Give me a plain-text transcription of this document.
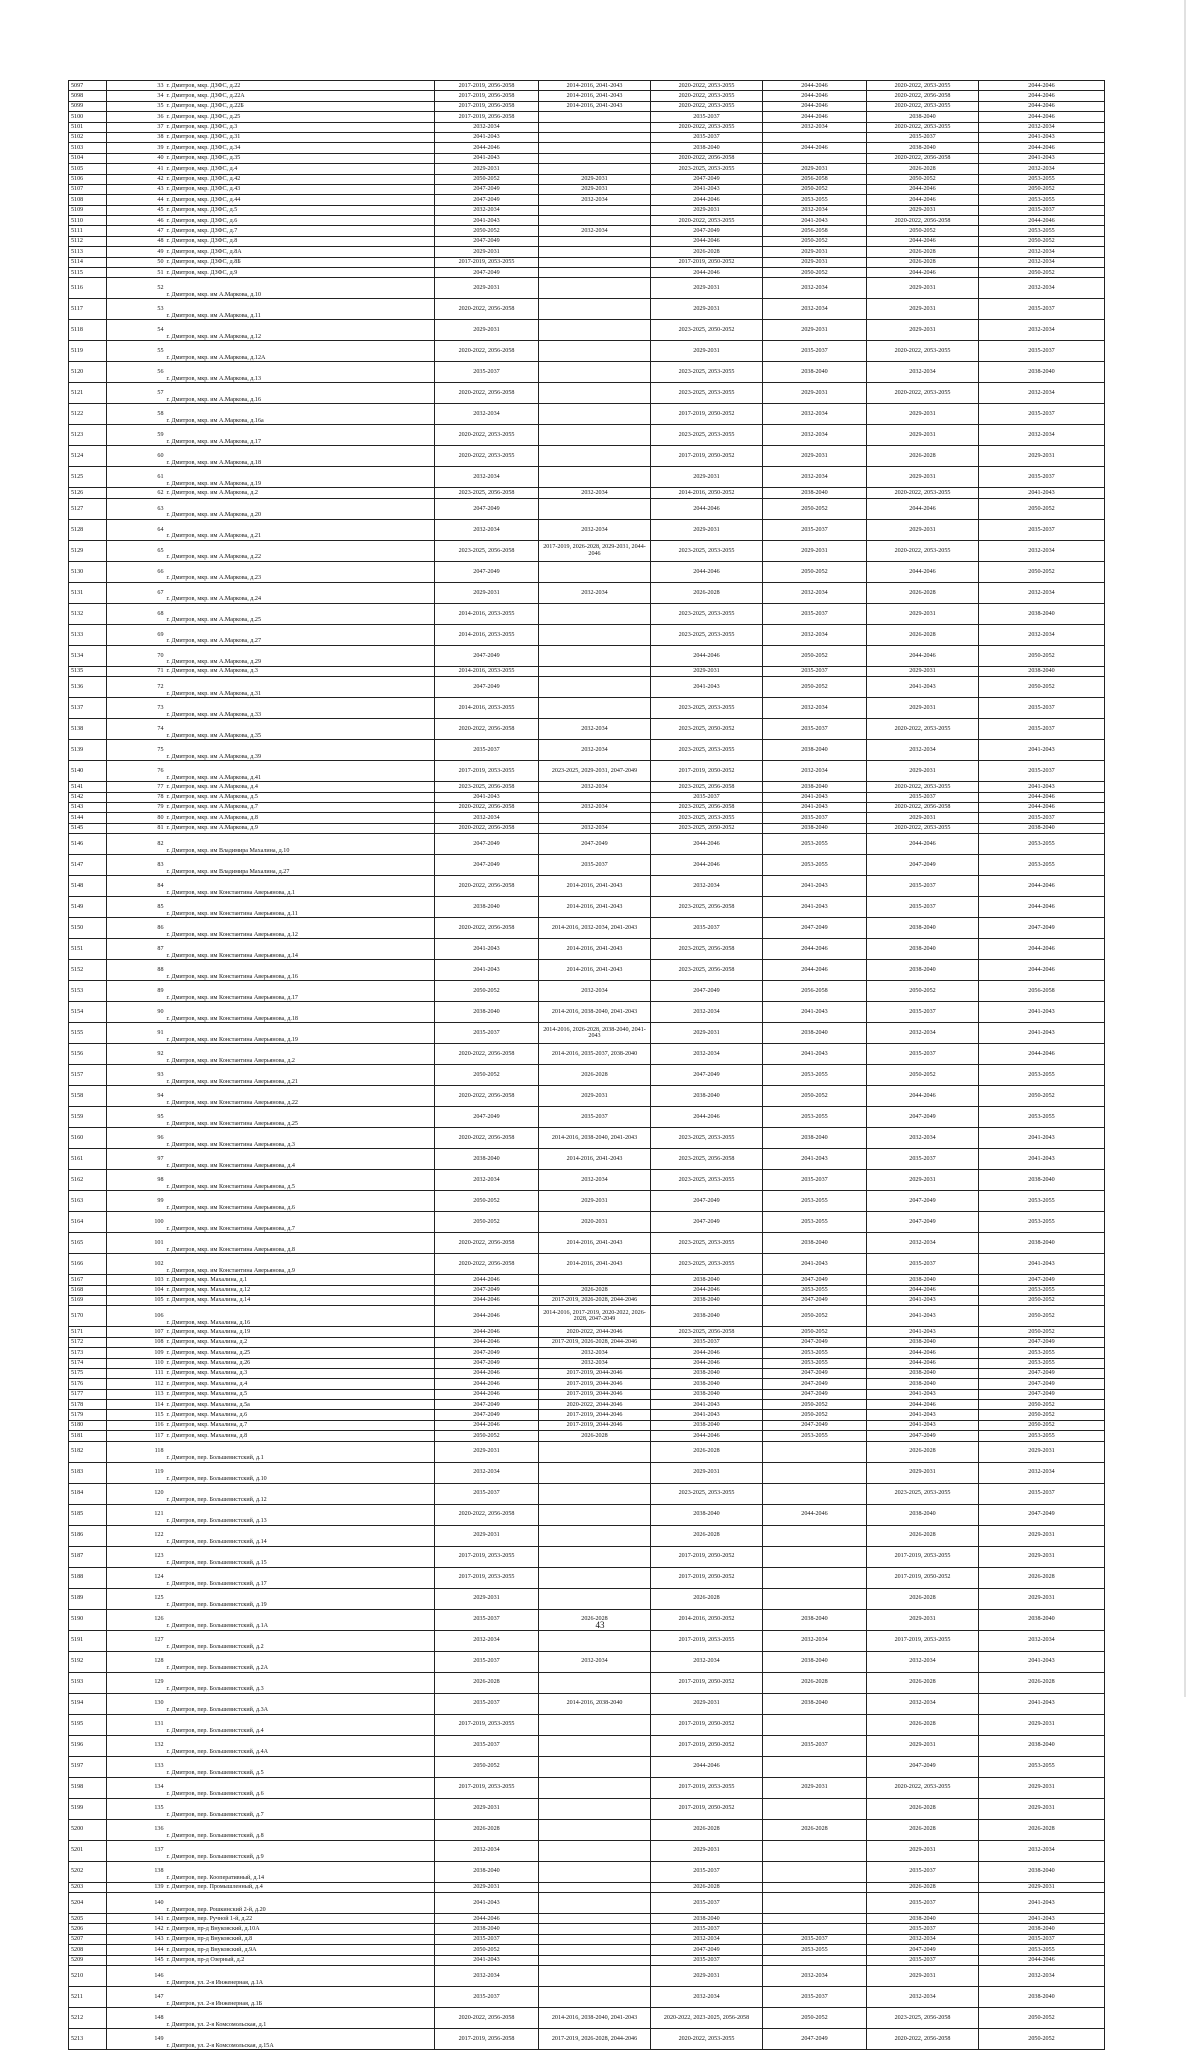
5097	33	г. Дмитров, мкр. ДЗФС, д.22	2017-2019, 2056-2058	2014-2016, 2041-2043	2020-2022, 2053-2055	2044-2046	2020-2022, 2053-2055	2044-2046
5098	34	г. Дмитров, мкр. ДЗФС, д.22А	2017-2019, 2056-2058	2014-2016, 2041-2043	2020-2022, 2053-2055	2044-2046	2020-2022, 2056-2058	2044-2046
5099	35	г. Дмитров, мкр. ДЗФС, д.22Б	2017-2019, 2056-2058	2014-2016, 2041-2043	2020-2022, 2053-2055	2044-2046	2020-2022, 2053-2055	2044-2046
5100	36	г. Дмитров, мкр. ДЗФС, д.25	2017-2019, 2056-2058		2035-2037	2044-2046	2038-2040	2044-2046
5101	37	г. Дмитров, мкр. ДЗФС, д.3	2032-2034		2020-2022, 2053-2055	2032-2034	2020-2022, 2053-2055	2032-2034
5102	38	г. Дмитров, мкр. ДЗФС, д.31	2041-2043		2035-2037		2035-2037	2041-2043
5103	39	г. Дмитров, мкр. ДЗФС, д.34	2044-2046		2038-2040	2044-2046	2038-2040	2044-2046
5104	40	г. Дмитров, мкр. ДЗФС, д.35	2041-2043		2020-2022, 2056-2058		2020-2022, 2056-2058	2041-2043
5105	41	г. Дмитров, мкр. ДЗФС, д.4	2029-2031		2023-2025, 2053-2055	2029-2031	2026-2028	2032-2034
5106	42	г. Дмитров, мкр. ДЗФС, д.42	2050-2052	2029-2031	2047-2049	2056-2058	2050-2052	2053-2055
5107	43	г. Дмитров, мкр. ДЗФС, д.43	2047-2049	2029-2031	2041-2043	2050-2052	2044-2046	2050-2052
5108	44	г. Дмитров, мкр. ДЗФС, д.44	2047-2049	2032-2034	2044-2046	2053-2055	2044-2046	2053-2055
5109	45	г. Дмитров, мкр. ДЗФС, д.5	2032-2034		2029-2031	2032-2034	2029-2031	2035-2037
5110	46	г. Дмитров, мкр. ДЗФС, д.6	2041-2043		2020-2022, 2053-2055	2041-2043	2020-2022, 2056-2058	2044-2046
5111	47	г. Дмитров, мкр. ДЗФС, д.7	2050-2052	2032-2034	2047-2049	2056-2058	2050-2052	2053-2055
5112	48	г. Дмитров, мкр. ДЗФС, д.8	2047-2049		2044-2046	2050-2052	2044-2046	2050-2052
5113	49	г. Дмитров, мкр. ДЗФС, д.8А	2029-2031		2026-2028	2029-2031	2026-2028	2032-2034
5114	50	г. Дмитров, мкр. ДЗФС, д.8Б	2017-2019, 2053-2055		2017-2019, 2050-2052	2029-2031	2026-2028	2032-2034
5115	51	г. Дмитров, мкр. ДЗФС, д.9	2047-2049		2044-2046	2050-2052	2044-2046	2050-2052
5116	52	г. Дмитров, мкр. им А.Маркова, д.10	2029-2031		2029-2031	2032-2034	2029-2031	2032-2034
5117	53	г. Дмитров, мкр. им А.Маркова, д.11	2020-2022, 2056-2058		2029-2031	2032-2034	2029-2031	2035-2037
5118	54	г. Дмитров, мкр. им А.Маркова, д.12	2029-2031		2023-2025, 2050-2052	2029-2031	2029-2031	2032-2034
5119	55	г. Дмитров, мкр. им А.Маркова, д.12А	2020-2022, 2056-2058		2029-2031	2035-2037	2020-2022, 2053-2055	2035-2037
5120	56	г. Дмитров, мкр. им А.Маркова, д.13	2035-2037		2023-2025, 2053-2055	2038-2040	2032-2034	2038-2040
5121	57	г. Дмитров, мкр. им А.Маркова, д.16	2020-2022, 2056-2058		2023-2025, 2053-2055	2029-2031	2020-2022, 2053-2055	2032-2034
5122	58	г. Дмитров, мкр. им А.Маркова, д.16а	2032-2034		2017-2019, 2050-2052	2032-2034	2029-2031	2035-2037
5123	59	г. Дмитров, мкр. им А.Маркова, д.17	2020-2022, 2053-2055		2023-2025, 2053-2055	2032-2034	2029-2031	2032-2034
5124	60	г. Дмитров, мкр. им А.Маркова, д.18	2020-2022, 2053-2055		2017-2019, 2050-2052	2029-2031	2026-2028	2029-2031
5125	61	г. Дмитров, мкр. им А.Маркова, д.19	2032-2034		2029-2031	2032-2034	2029-2031	2035-2037
5126	62	г. Дмитров, мкр. им А.Маркова, д.2	2023-2025, 2056-2058	2032-2034	2014-2016, 2050-2052	2038-2040	2020-2022, 2053-2055	2041-2043
5127	63	г. Дмитров, мкр. им А.Маркова, д.20	2047-2049		2044-2046	2050-2052	2044-2046	2050-2052
5128	64	г. Дмитров, мкр. им А.Маркова, д.21	2032-2034	2032-2034	2029-2031	2035-2037	2029-2031	2035-2037
5129	65	г. Дмитров, мкр. им А.Маркова, д.22	2023-2025, 2056-2058	2017-2019, 2026-2028, 2029-2031, 2044-2046	2023-2025, 2053-2055	2029-2031	2020-2022, 2053-2055	2032-2034
5130	66	г. Дмитров, мкр. им А.Маркова, д.23	2047-2049		2044-2046	2050-2052	2044-2046	2050-2052
5131	67	г. Дмитров, мкр. им А.Маркова, д.24	2029-2031	2032-2034	2026-2028	2032-2034	2026-2028	2032-2034
5132	68	г. Дмитров, мкр. им А.Маркова, д.25	2014-2016, 2053-2055		2023-2025, 2053-2055	2035-2037	2029-2031	2038-2040
5133	69	г. Дмитров, мкр. им А.Маркова, д.27	2014-2016, 2053-2055		2023-2025, 2053-2055	2032-2034	2026-2028	2032-2034
5134	70	г. Дмитров, мкр. им А.Маркова, д.29	2047-2049		2044-2046	2050-2052	2044-2046	2050-2052
5135	71	г. Дмитров, мкр. им А.Маркова, д.3	2014-2016, 2053-2055		2029-2031	2035-2037	2029-2031	2038-2040
5136	72	г. Дмитров, мкр. им А.Маркова, д.31	2047-2049		2041-2043	2050-2052	2041-2043	2050-2052
5137	73	г. Дмитров, мкр. им А.Маркова, д.33	2014-2016, 2053-2055		2023-2025, 2053-2055	2032-2034	2029-2031	2035-2037
5138	74	г. Дмитров, мкр. им А.Маркова, д.35	2020-2022, 2056-2058	2032-2034	2023-2025, 2050-2052	2035-2037	2020-2022, 2053-2055	2035-2037
5139	75	г. Дмитров, мкр. им А.Маркова, д.39	2035-2037	2032-2034	2023-2025, 2053-2055	2038-2040	2032-2034	2041-2043
5140	76	г. Дмитров, мкр. им А.Маркова, д.41	2017-2019, 2053-2055	2023-2025, 2029-2031, 2047-2049	2017-2019, 2050-2052	2032-2034	2029-2031	2035-2037
5141	77	г. Дмитров, мкр. им А.Маркова, д.4	2023-2025, 2056-2058	2032-2034	2023-2025, 2056-2058	2038-2040	2020-2022, 2053-2055	2041-2043
5142	78	г. Дмитров, мкр. им А.Маркова, д.5	2041-2043		2035-2037	2041-2043	2035-2037	2044-2046
5143	79	г. Дмитров, мкр. им А.Маркова, д.7	2020-2022, 2056-2058	2032-2034	2023-2025, 2056-2058	2041-2043	2020-2022, 2056-2058	2044-2046
5144	80	г. Дмитров, мкр. им А.Маркова, д.8	2032-2034		2023-2025, 2053-2055	2035-2037	2029-2031	2035-2037
5145	81	г. Дмитров, мкр. им А.Маркова, д.9	2020-2022, 2056-2058	2032-2034	2023-2025, 2050-2052	2038-2040	2020-2022, 2053-2055	2038-2040
5146	82	г. Дмитров, мкр. им Владимира Махалина, д.10	2047-2049	2047-2049	2044-2046	2053-2055	2044-2046	2053-2055
5147	83	г. Дмитров, мкр. им Владимира Махалина, д.27	2047-2049	2035-2037	2044-2046	2053-2055	2047-2049	2053-2055
5148	84	г. Дмитров, мкр. им Константина Аверьянова, д.1	2020-2022, 2056-2058	2014-2016, 2041-2043	2032-2034	2041-2043	2035-2037	2044-2046
5149	85	г. Дмитров, мкр. им Константина Аверьянова, д.11	2038-2040	2014-2016, 2041-2043	2023-2025, 2056-2058	2041-2043	2035-2037	2044-2046
5150	86	г. Дмитров, мкр. им Константина Аверьянова, д.12	2020-2022, 2056-2058	2014-2016, 2032-2034, 2041-2043	2035-2037	2047-2049	2038-2040	2047-2049
5151	87	г. Дмитров, мкр. им Константина Аверьянова, д.14	2041-2043	2014-2016, 2041-2043	2023-2025, 2056-2058	2044-2046	2038-2040	2044-2046
5152	88	г. Дмитров, мкр. им Константина Аверьянова, д.16	2041-2043	2014-2016, 2041-2043	2023-2025, 2056-2058	2044-2046	2038-2040	2044-2046
5153	89	г. Дмитров, мкр. им Константина Аверьянова, д.17	2050-2052	2032-2034	2047-2049	2056-2058	2050-2052	2056-2058
5154	90	г. Дмитров, мкр. им Константина Аверьянова, д.18	2038-2040	2014-2016, 2038-2040, 2041-2043	2032-2034	2041-2043	2035-2037	2041-2043
5155	91	г. Дмитров, мкр. им Константина Аверьянова, д.19	2035-2037	2014-2016, 2026-2028, 2038-2040, 2041-2043	2029-2031	2038-2040	2032-2034	2041-2043
5156	92	г. Дмитров, мкр. им Константина Аверьянова, д.2	2020-2022, 2056-2058	2014-2016, 2035-2037, 2038-2040	2032-2034	2041-2043	2035-2037	2044-2046
5157	93	г. Дмитров, мкр. им Константина Аверьянова, д.21	2050-2052	2026-2028	2047-2049	2053-2055	2050-2052	2053-2055
5158	94	г. Дмитров, мкр. им Константина Аверьянова, д.22	2020-2022, 2056-2058	2029-2031	2038-2040	2050-2052	2044-2046	2050-2052
5159	95	г. Дмитров, мкр. им Константина Аверьянова, д.25	2047-2049	2035-2037	2044-2046	2053-2055	2047-2049	2053-2055
5160	96	г. Дмитров, мкр. им Константина Аверьянова, д.3	2020-2022, 2056-2058	2014-2016, 2038-2040, 2041-2043	2023-2025, 2053-2055	2038-2040	2032-2034	2041-2043
5161	97	г. Дмитров, мкр. им Константина Аверьянова, д.4	2038-2040	2014-2016, 2041-2043	2023-2025, 2056-2058	2041-2043	2035-2037	2041-2043
5162	98	г. Дмитров, мкр. им Константина Аверьянова, д.5	2032-2034	2032-2034	2023-2025, 2053-2055	2035-2037	2029-2031	2038-2040
5163	99	г. Дмитров, мкр. им Константина Аверьянова, д.6	2050-2052	2029-2031	2047-2049	2053-2055	2047-2049	2053-2055
5164	100	г. Дмитров, мкр. им Константина Аверьянова, д.7	2050-2052	2020-2031	2047-2049	2053-2055	2047-2049	2053-2055
5165	101	г. Дмитров, мкр. им Константина Аверьянова, д.8	2020-2022, 2056-2058	2014-2016, 2041-2043	2023-2025, 2053-2055	2038-2040	2032-2034	2038-2040
5166	102	г. Дмитров, мкр. им Константина Аверьянова, д.9	2020-2022, 2056-2058	2014-2016, 2041-2043	2023-2025, 2053-2055	2041-2043	2035-2037	2041-2043
5167	103	г. Дмитров, мкр. Махалина, д.1	2044-2046		2038-2040	2047-2049	2038-2040	2047-2049
5168	104	г. Дмитров, мкр. Махалина, д.12	2047-2049	2026-2028	2044-2046	2053-2055	2044-2046	2053-2055
5169	105	г. Дмитров, мкр. Махалина, д.14	2044-2046	2017-2019, 2026-2028, 2044-2046	2038-2040	2047-2049	2041-2043	2050-2052
5170	106	г. Дмитров, мкр. Махалина, д.16	2044-2046	2014-2016, 2017-2019, 2020-2022, 2026-2028, 2047-2049	2038-2040	2050-2052	2041-2043	2050-2052
5171	107	г. Дмитров, мкр. Махалина, д.19	2044-2046	2020-2022, 2044-2046	2023-2025, 2056-2058	2050-2052	2041-2043	2050-2052
5172	108	г. Дмитров, мкр. Махалина, д.2	2044-2046	2017-2019, 2026-2028, 2044-2046	2035-2037	2047-2049	2038-2040	2047-2049
5173	109	г. Дмитров, мкр. Махалина, д.25	2047-2049	2032-2034	2044-2046	2053-2055	2044-2046	2053-2055
5174	110	г. Дмитров, мкр. Махалина, д.26	2047-2049	2032-2034	2044-2046	2053-2055	2044-2046	2053-2055
5175	111	г. Дмитров, мкр. Махалина, д.3	2044-2046	2017-2019, 2044-2046	2038-2040	2047-2049	2038-2040	2047-2049
5176	112	г. Дмитров, мкр. Махалина, д.4	2044-2046	2017-2019, 2044-2046	2038-2040	2047-2049	2038-2040	2047-2049
5177	113	г. Дмитров, мкр. Махалина, д.5	2044-2046	2017-2019, 2044-2046	2038-2040	2047-2049	2041-2043	2047-2049
5178	114	г. Дмитров, мкр. Махалина, д.5а	2047-2049	2020-2022, 2044-2046	2041-2043	2050-2052	2044-2046	2050-2052
5179	115	г. Дмитров, мкр. Махалина, д.6	2047-2049	2017-2019, 2044-2046	2041-2043	2050-2052	2041-2043	2050-2052
5180	116	г. Дмитров, мкр. Махалина, д.7	2044-2046	2017-2019, 2044-2046	2038-2040	2047-2049	2041-2043	2050-2052
5181	117	г. Дмитров, мкр. Махалина, д.8	2050-2052	2026-2028	2044-2046	2053-2055	2047-2049	2053-2055
5182	118	г. Дмитров, пер. Большевистский, д.1	2029-2031		2026-2028		2026-2028	2029-2031
5183	119	г. Дмитров, пер. Большевистский, д.10	2032-2034		2029-2031		2029-2031	2032-2034
5184	120	г. Дмитров, пер. Большевистский, д.12	2035-2037		2023-2025, 2053-2055		2023-2025, 2053-2055	2035-2037
5185	121	г. Дмитров, пер. Большевистский, д.13	2020-2022, 2056-2058		2038-2040	2044-2046	2038-2040	2047-2049
5186	122	г. Дмитров, пер. Большевистский, д.14	2029-2031		2026-2028		2026-2028	2029-2031
5187	123	г. Дмитров, пер. Большевистский, д.15	2017-2019, 2053-2055		2017-2019, 2050-2052		2017-2019, 2053-2055	2029-2031
5188	124	г. Дмитров, пер. Большевистский, д.17	2017-2019, 2053-2055		2017-2019, 2050-2052		2017-2019, 2050-2052	2026-2028
5189	125	г. Дмитров, пер. Большевистский, д.19	2029-2031		2026-2028		2026-2028	2029-2031
5190	126	г. Дмитров, пер. Большевистский, д.1А	2035-2037	2026-2028	2014-2016, 2050-2052	2038-2040	2029-2031	2038-2040
5191	127	г. Дмитров, пер. Большевистский, д.2	2032-2034		2017-2019, 2053-2055	2032-2034	2017-2019, 2053-2055	2032-2034
5192	128	г. Дмитров, пер. Большевистский, д.2А	2035-2037	2032-2034	2032-2034	2038-2040	2032-2034	2041-2043
5193	129	г. Дмитров, пер. Большевистский, д.3	2026-2028		2017-2019, 2050-2052	2026-2028	2026-2028	2026-2028
5194	130	г. Дмитров, пер. Большевистский, д.3А	2035-2037	2014-2016, 2038-2040	2029-2031	2038-2040	2032-2034	2041-2043
5195	131	г. Дмитров, пер. Большевистский, д.4	2017-2019, 2053-2055		2017-2019, 2050-2052		2026-2028	2029-2031
5196	132	г. Дмитров, пер. Большевистский, д.4А	2035-2037		2017-2019, 2050-2052	2035-2037	2029-2031	2038-2040
5197	133	г. Дмитров, пер. Большевистский, д.5	2050-2052		2044-2046		2047-2049	2053-2055
5198	134	г. Дмитров, пер. Большевистский, д.6	2017-2019, 2053-2055		2017-2019, 2053-2055	2029-2031	2020-2022, 2053-2055	2029-2031
5199	135	г. Дмитров, пер. Большевистский, д.7	2029-2031		2017-2019, 2050-2052		2026-2028	2029-2031
5200	136	г. Дмитров, пер. Большевистский, д.8	2026-2028		2026-2028	2026-2028	2026-2028	2026-2028
5201	137	г. Дмитров, пер. Большевистский, д.9	2032-2034		2029-2031		2029-2031	2032-2034
5202	138	г. Дмитров, пер. Кооперативный, д.14	2038-2040		2035-2037		2035-2037	2038-2040
5203	139	г. Дмитров, пер. Промышленный, д.4	2029-2031		2026-2028		2026-2028	2029-2031
5204	140	г. Дмитров, пер. Рошкинский 2-й, д.20	2041-2043		2035-2037		2035-2037	2041-2043
5205	141	г. Дмитров, пер. Ручной 1-й, д.22	2044-2046		2038-2040		2038-2040	2041-2043
5206	142	г. Дмитров, пр-д Внуковский, д.10А	2038-2040		2035-2037		2035-2037	2038-2040
5207	143	г. Дмитров, пр-д Внуковский, д.8	2035-2037		2032-2034	2035-2037	2032-2034	2035-2037
5208	144	г. Дмитров, пр-д Внуковский, д.9А	2050-2052		2047-2049	2053-2055	2047-2049	2053-2055
5209	145	г. Дмитров, пр-д Озерный, д.2	2041-2043		2035-2037		2035-2037	2044-2046
5210	146	г. Дмитров, ул. 2-я Инженерная, д.1А	2032-2034		2029-2031	2032-2034	2029-2031	2032-2034
5211	147	г. Дмитров, ул. 2-я Инженерная, д.1Б	2035-2037		2032-2034	2035-2037	2032-2034	2038-2040
5212	148	г. Дмитров, ул. 2-я Комсомольская, д.1	2020-2022, 2056-2058	2014-2016, 2038-2040, 2041-2043	2020-2022, 2023-2025, 2056-2058	2050-2052	2023-2025, 2056-2058	2050-2052
5213	149	г. Дмитров, ул. 2-я Комсомольская, д.15А	2017-2019, 2056-2058	2017-2019, 2026-2028, 2044-2046	2020-2022, 2053-2055	2047-2049	2020-2022, 2056-2058	2050-2052
43
